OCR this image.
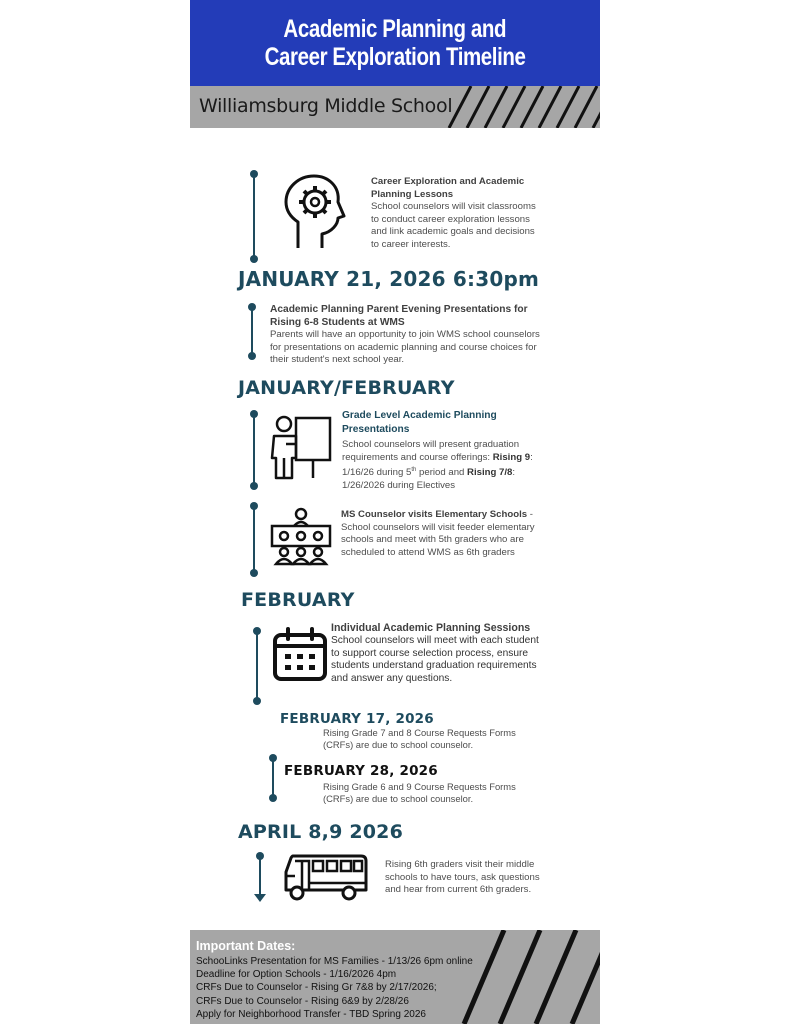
Academic Planning and
Career Exploration Timeline
Williamsburg Middle School
Career Exploration and Academic Planning Lessons
School counselors will visit classrooms to conduct career exploration lessons and link academic goals and decisions to career interests.
JANUARY 21, 2026 6:30pm
Academic Planning Parent Evening Presentations for Rising 6-8 Students at WMS
Parents will have an opportunity to join WMS school counselors for presentations on academic planning and course choices for their student's next school year.
JANUARY/FEBRUARY
Grade Level Academic Planning Presentations
School counselors will present graduation requirements and course offerings: Rising 9: 1/16/26 during 5th period and Rising 7/8: 1/26/2026 during Electives
MS Counselor visits Elementary Schools - School counselors will visit feeder elementary schools and meet with 5th graders who are scheduled to attend WMS as 6th graders
FEBRUARY
Individual Academic Planning Sessions
School counselors will meet with each student to support course selection process, ensure students understand graduation requirements and answer any questions.
FEBRUARY 17, 2026
Rising Grade 7 and 8 Course Requests Forms (CRFs) are due to school counselor.
FEBRUARY 28, 2026
Rising Grade 6 and 9 Course Requests Forms (CRFs) are due to school counselor.
APRIL 8,9 2026
Rising 6th graders visit their middle schools to have tours, ask questions and hear from current 6th graders.
Important Dates:
SchooLinks Presentation for MS Families - 1/13/26 6pm online
Deadline for Option Schools - 1/16/2026 4pm
CRFs Due to Counselor - Rising Gr 7&8 by 2/17/2026;
CRFs Due to Counselor - Rising 6&9 by 2/28/26
Apply for Neighborhood Transfer - TBD Spring 2026
